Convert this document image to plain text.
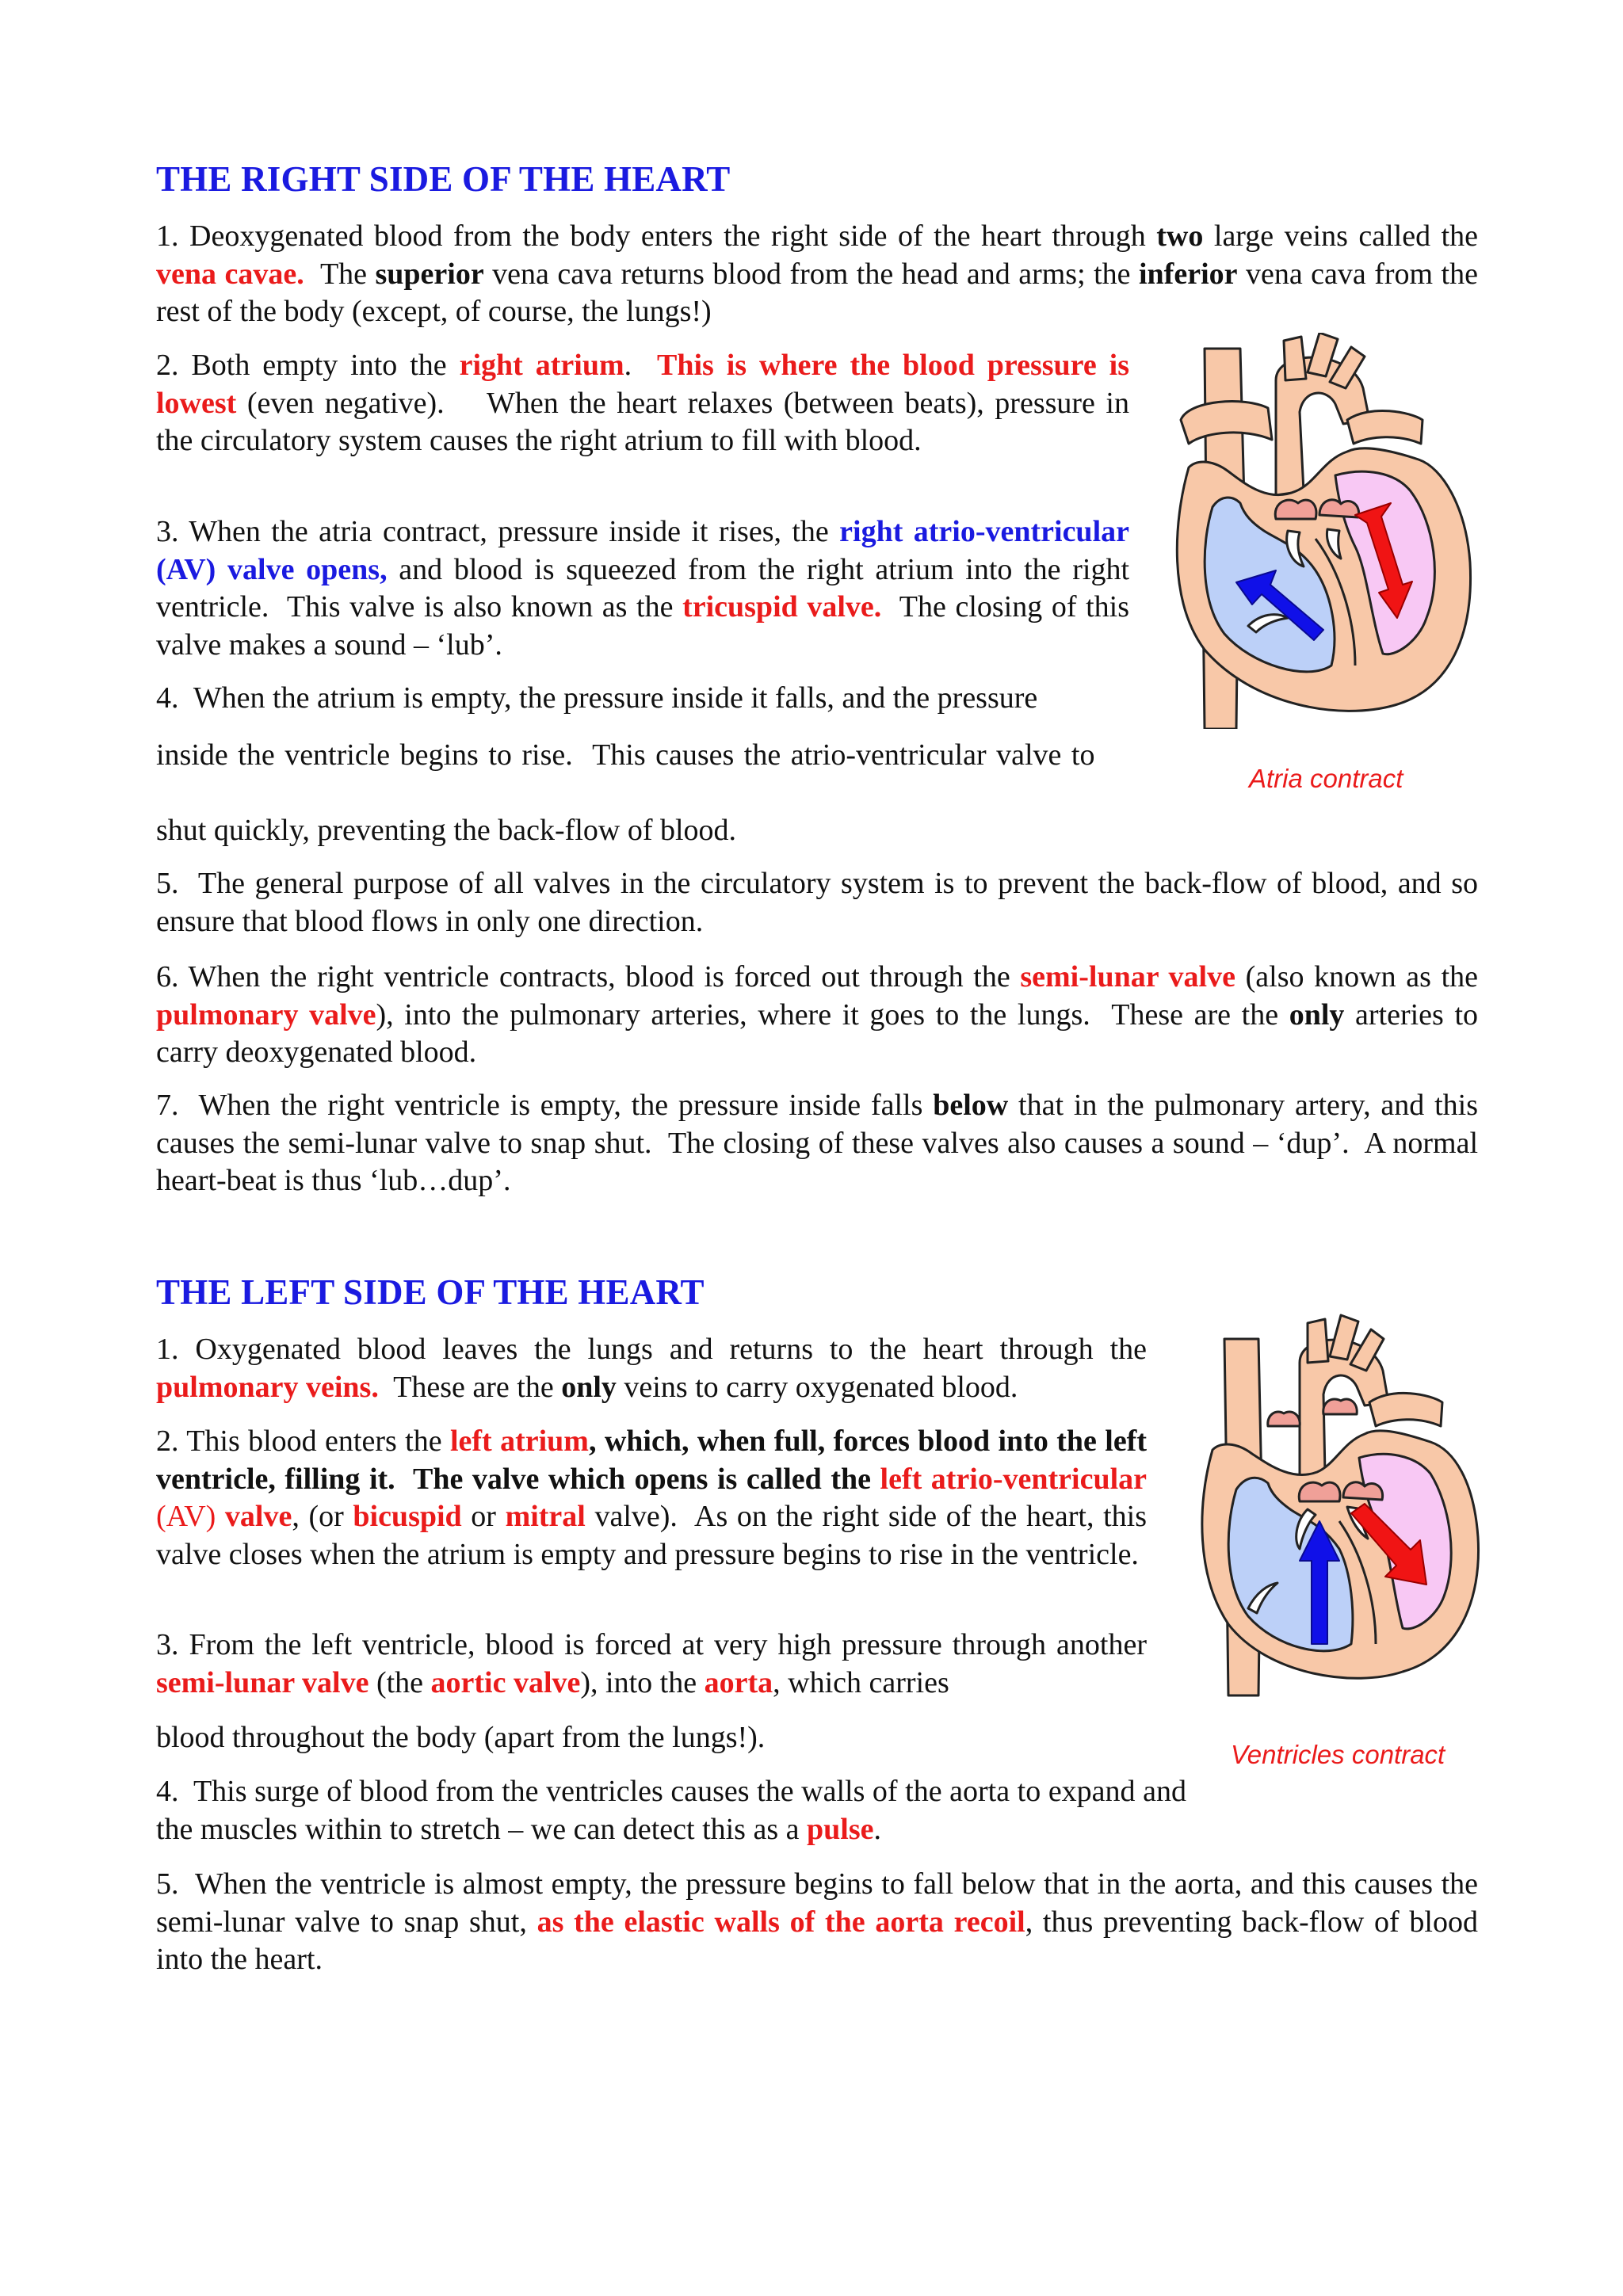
THE RIGHT SIDE OF THE HEART

1. Deoxygenated blood from the body enters the right side of the heart through two large veins called the vena cavae.  The superior vena cava returns blood from the head and arms; the inferior vena cava from the rest of the body (except, of course, the lungs!)

2. Both empty into the right atrium.  This is where the blood pressure is lowest (even negative).    When the heart relaxes (between beats), pressure in the circulatory system causes the right atrium to fill with blood.

3. When the atria contract, pressure inside it rises, the right atrio-ventricular (AV) valve opens, and blood is squeezed from the right atrium into the right ventricle.  This valve is also known as the tricuspid valve.  The closing of this valve makes a sound – ‘lub’.

4.  When the atrium is empty, the pressure inside it falls, and the pressure

inside the ventricle begins to rise.  This causes the atrio-ventricular valve to

shut quickly, preventing the back-flow of blood.

5.  The general purpose of all valves in the circulatory system is to prevent the back-flow of blood, and so ensure that blood flows in only one direction.

6. When the right ventricle contracts, blood is forced out through the semi-lunar valve (also known as the pulmonary valve), into the pulmonary arteries, where it goes to the lungs.  These are the only arteries to carry deoxygenated blood.

7.  When the right ventricle is empty, the pressure inside falls below that in the pulmonary artery, and this causes the semi-lunar valve to snap shut.  The closing of these valves also causes a sound – ‘dup’.  A normal heart-beat is thus ‘lub…dup’.

Atria contract

THE LEFT SIDE OF THE HEART

1. Oxygenated blood leaves the lungs and returns to the heart through the pulmonary veins.  These are the only veins to carry oxygenated blood.

2. This blood enters the left atrium, which, when full, forces blood into the left ventricle, filling it.  The valve which opens is called the left atrio-ventricular (AV) valve, (or bicuspid or mitral valve).  As on the right side of the heart, this valve closes when the atrium is empty and pressure begins to rise in the ventricle.

3. From the left ventricle, blood is forced at very high pressure through another semi-lunar valve (the aortic valve), into the aorta, which carries

blood throughout the body (apart from the lungs!).

4.  This surge of blood from the ventricles causes the walls of the aorta to expand and the muscles within to stretch – we can detect this as a pulse.

5.  When the ventricle is almost empty, the pressure begins to fall below that in the aorta, and this causes the semi-lunar valve to snap shut, as the elastic walls of the aorta recoil, thus preventing back-flow of blood into the heart.

Ventricles contract
